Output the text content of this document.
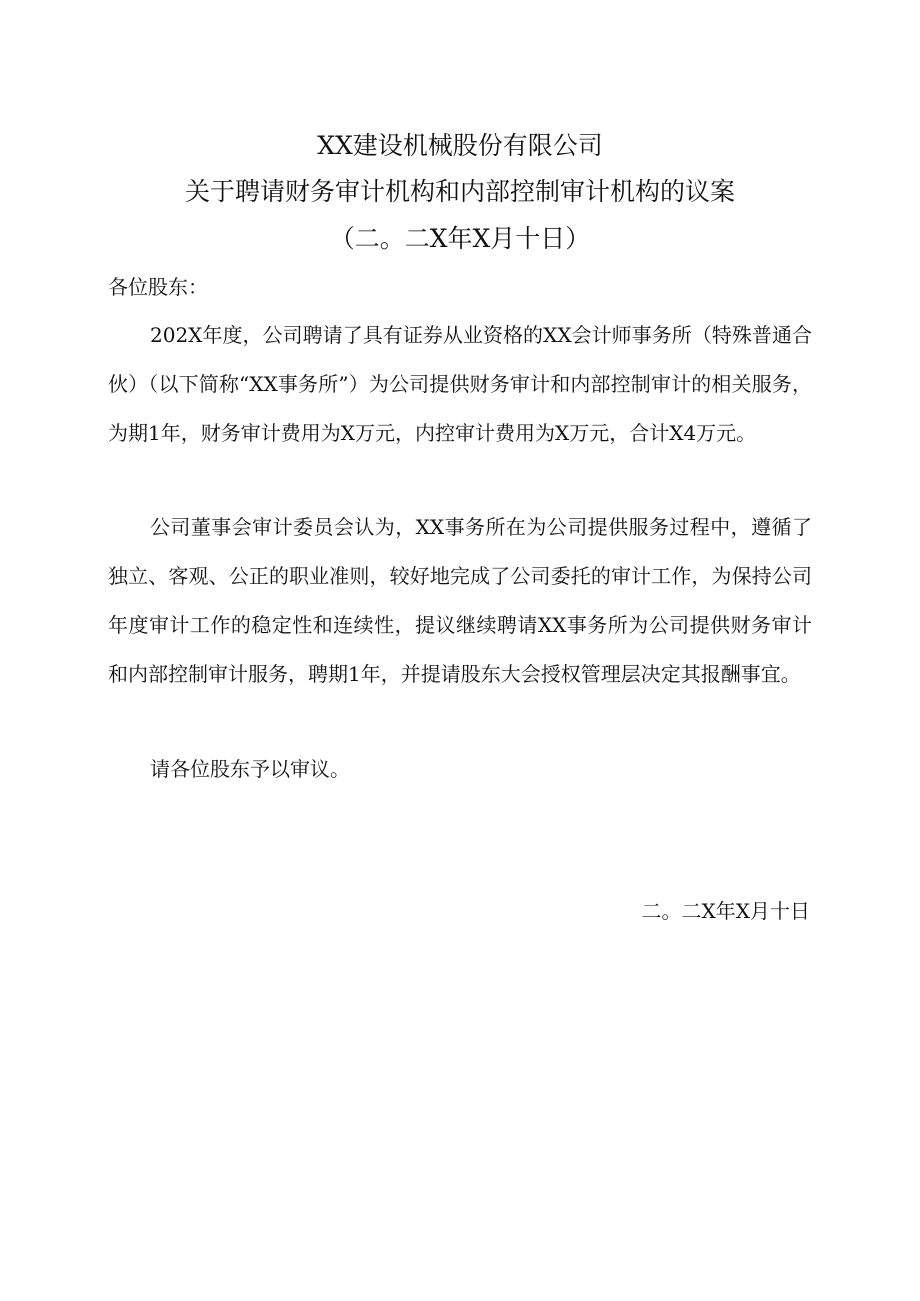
XX建设机械股份有限公司
关于聘请财务审计机构和内部控制审计机构的议案
（二。二X年X月十日）
各位股东：

202X年度，公司聘请了具有证券从业资格的XX会计师事务所（特殊普通合伙）（以下简称“XX事务所”）为公司提供财务审计和内部控制审计的相关服务，为期1年，财务审计费用为X万元，内控审计费用为X万元，合计X4万元。

公司董事会审计委员会认为，XX事务所在为公司提供服务过程中，遵循了独立、客观、公正的职业准则，较好地完成了公司委托的审计工作，为保持公司年度审计工作的稳定性和连续性，提议继续聘请XX事务所为公司提供财务审计和内部控制审计服务，聘期1年，并提请股东大会授权管理层决定其报酬事宜。

请各位股东予以审议。

二。二X年X月十日
